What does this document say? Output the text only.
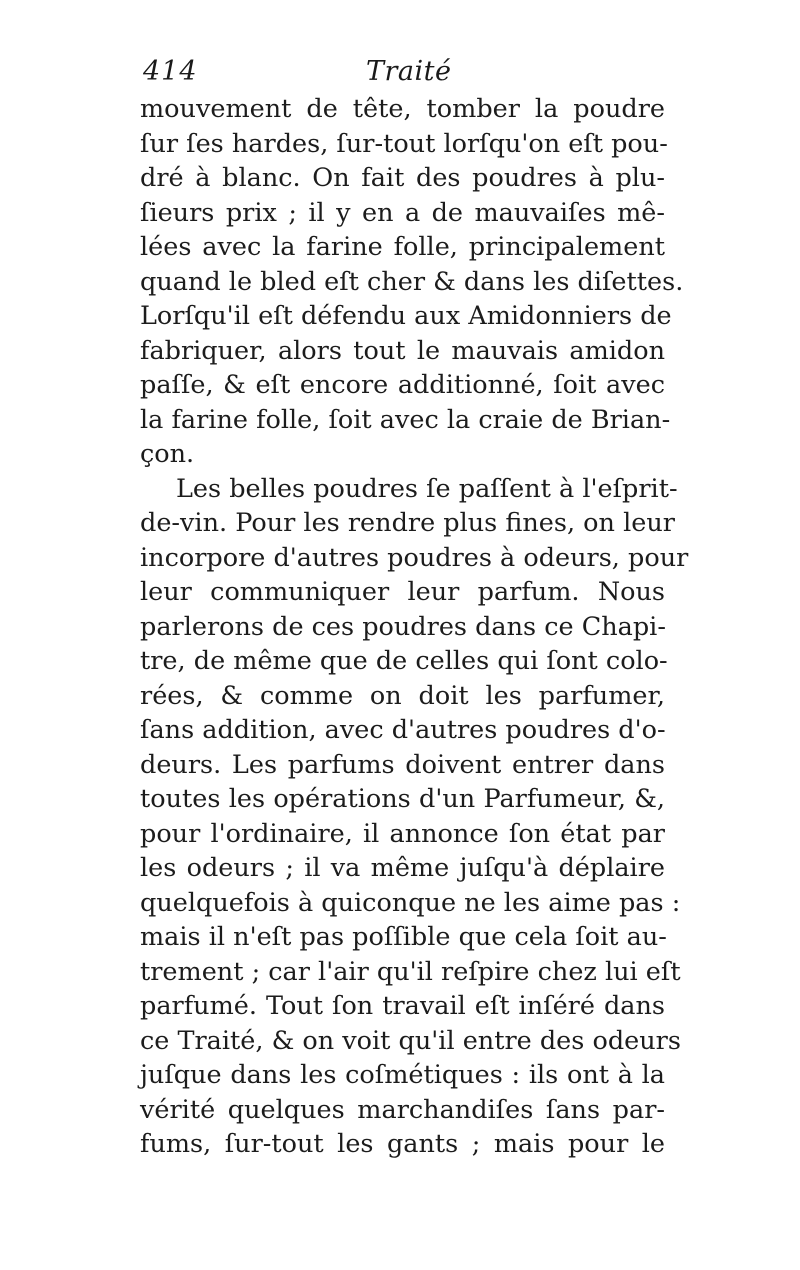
414	Traité
mouvement de tête, tomber la poudre
ſur ſes hardes, ſur-tout lorſqu'on eſt pou-
dré à blanc. On fait des poudres à plu-
ſieurs prix ; il y en a de mauvaiſes mê-
lées avec la farine folle, principalement
quand le bled eſt cher & dans les diſettes.
Lorſqu'il eſt défendu aux Amidonniers de
fabriquer, alors tout le mauvais amidon
paſſe, & eſt encore additionné, ſoit avec
la farine folle, ſoit avec la craie de Brian-
çon.
Les belles poudres ſe paſſent à l'eſprit-
de-vin. Pour les rendre plus fines, on leur
incorpore d'autres poudres à odeurs, pour
leur communiquer leur parfum. Nous
parlerons de ces poudres dans ce Chapi-
tre, de même que de celles qui ſont colo-
rées, & comme on doit les parfumer,
ſans addition, avec d'autres poudres d'o-
deurs. Les parfums doivent entrer dans
toutes les opérations d'un Parfumeur, &,
pour l'ordinaire, il annonce ſon état par
les odeurs ; il va même juſqu'à déplaire
quelquefois à quiconque ne les aime pas :
mais il n'eſt pas poſſible que cela ſoit au-
trement ; car l'air qu'il reſpire chez lui eſt
parfumé. Tout ſon travail eſt inſéré dans
ce Traité, & on voit qu'il entre des odeurs
juſque dans les coſmétiques : ils ont à la
vérité quelques marchandiſes ſans par-
fums, ſur-tout les gants ; mais pour le
